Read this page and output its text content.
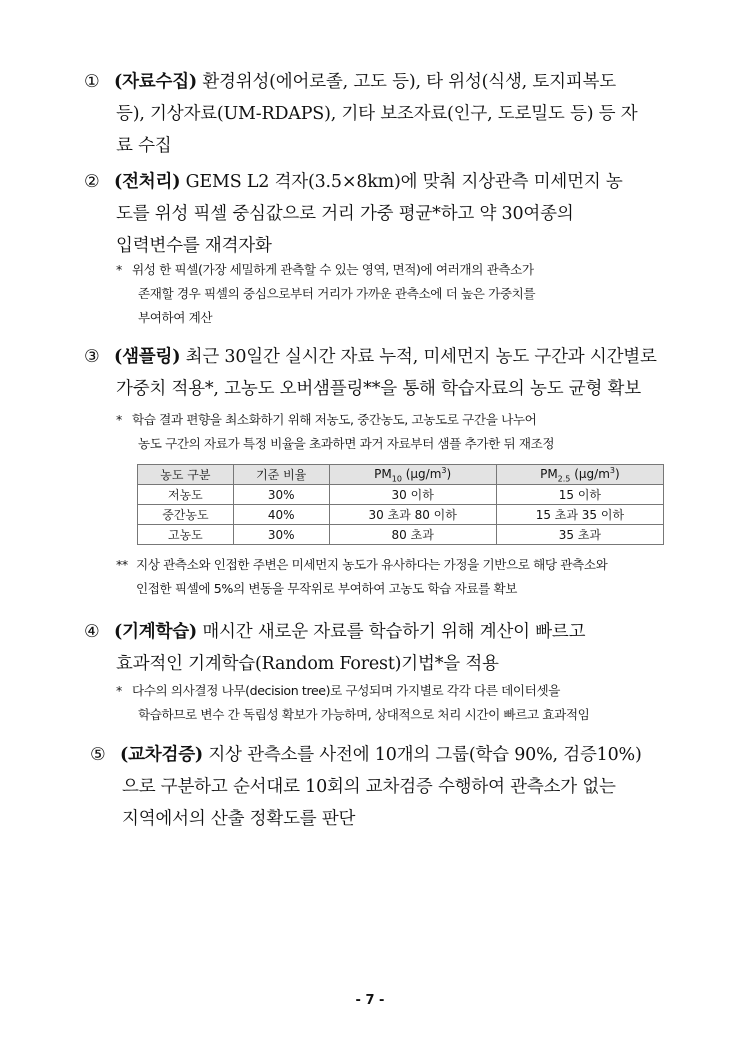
① (자료수집) 환경위성(에어로졸, 고도 등), 타 위성(식생, 토지피복도

등), 기상자료(UM-RDAPS), 기타 보조자료(인구, 도로밀도 등) 등 자

료 수집

② (전처리) GEMS L2 격자(3.5×8km)에 맞춰 지상관측 미세먼지 농

도를 위성 픽셀 중심값으로 거리 가중 평균*하고 약 30여종의

입력변수를 재격자화

* 위성 한 픽셀(가장 세밀하게 관측할 수 있는 영역, 면적)에 여러개의 관측소가
존재할 경우 픽셀의 중심으로부터 거리가 가까운 관측소에 더 높은 가중치를
부여하여 계산

③ (샘플링) 최근 30일간 실시간 자료 누적, 미세먼지 농도 구간과 시간별로

가중치 적용*, 고농도 오버샘플링**을 통해 학습자료의 농도 균형 확보

* 학습 결과 편향을 최소화하기 위해 저농도, 중간농도, 고농도로 구간을 나누어
농도 구간의 자료가 특정 비율을 초과하면 과거 자료부터 샘플 추가한 뒤 재조정
농도 구분	기준 비율	$PM_{10}$ $(\mu g/m^3)$	$PM_{2.5}$ $(\mu g/m^3)$
저농도	30%	30 이하	15 이하
중간농도	40%	30 초과 80 이하	15 초과 35 이하
고농도	30%	80 초과	35 초과
** 지상 관측소와 인접한 주변은 미세먼지 농도가 유사하다는 가정을 기반으로 해당 관측소와
인접한 픽셀에 5%의 변동을 무작위로 부여하여 고농도 학습 자료를 확보

④ (기계학습) 매시간 새로운 자료를 학습하기 위해 계산이 빠르고

효과적인 기계학습(Random Forest)기법*을 적용

* 다수의 의사결정 나무(decision tree)로 구성되며 가지별로 각각 다른 데이터셋을
학습하므로 변수 간 독립성 확보가 가능하며, 상대적으로 처리 시간이 빠르고 효과적임

⑤ (교차검증) 지상 관측소를 사전에 10개의 그룹(학습 90%, 검증10%)

으로 구분하고 순서대로 10회의 교차검증 수행하여 관측소가 없는

지역에서의 산출 정확도를 판단

- 7 -
